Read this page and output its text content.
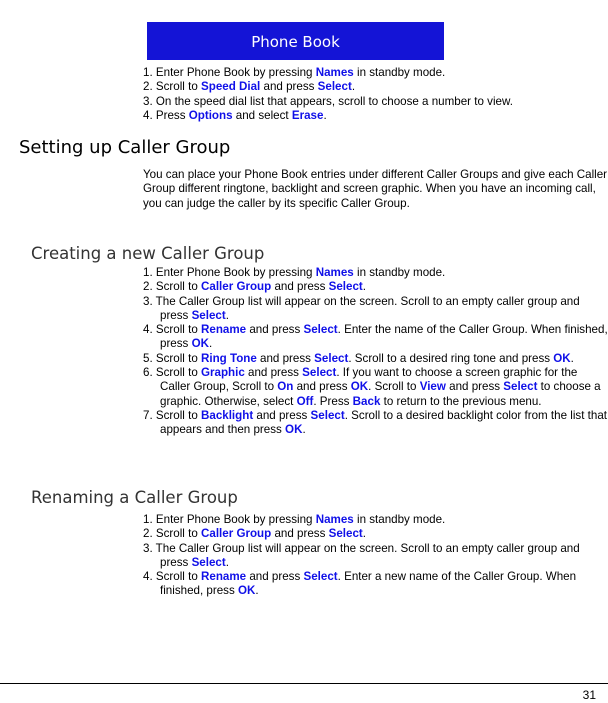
Phone Book
1. Enter Phone Book by pressing Names in standby mode.
2. Scroll to Speed Dial and press Select.
3. On the speed dial list that appears, scroll to choose a number to view.
4. Press Options and select Erase.
Setting up Caller Group

You can place your Phone Book entries under different Caller Groups and give each Caller Group different ringtone, backlight and screen graphic. When you have an incoming call, you can judge the caller by its specific Caller Group.

Creating a new Caller Group
1. Enter Phone Book by pressing Names in standby mode.
2. Scroll to Caller Group and press Select.
3. The Caller Group list will appear on the screen. Scroll to an empty caller group and press Select.
4. Scroll to Rename and press Select. Enter the name of the Caller Group. When finished, press OK.
5. Scroll to Ring Tone and press Select. Scroll to a desired ring tone and press OK.
6. Scroll to Graphic and press Select. If you want to choose a screen graphic for the Caller Group, Scroll to On and press OK. Scroll to View and press Select to choose a graphic. Otherwise, select Off. Press Back to return to the previous menu.
7. Scroll to Backlight and press Select. Scroll to a desired backlight color from the list that appears and then press OK.
Renaming a Caller Group
1. Enter Phone Book by pressing Names in standby mode.
2. Scroll to Caller Group and press Select.
3. The Caller Group list will appear on the screen. Scroll to an empty caller group and press Select.
4. Scroll to Rename and press Select. Enter a new name of the Caller Group. When finished, press OK.
31
